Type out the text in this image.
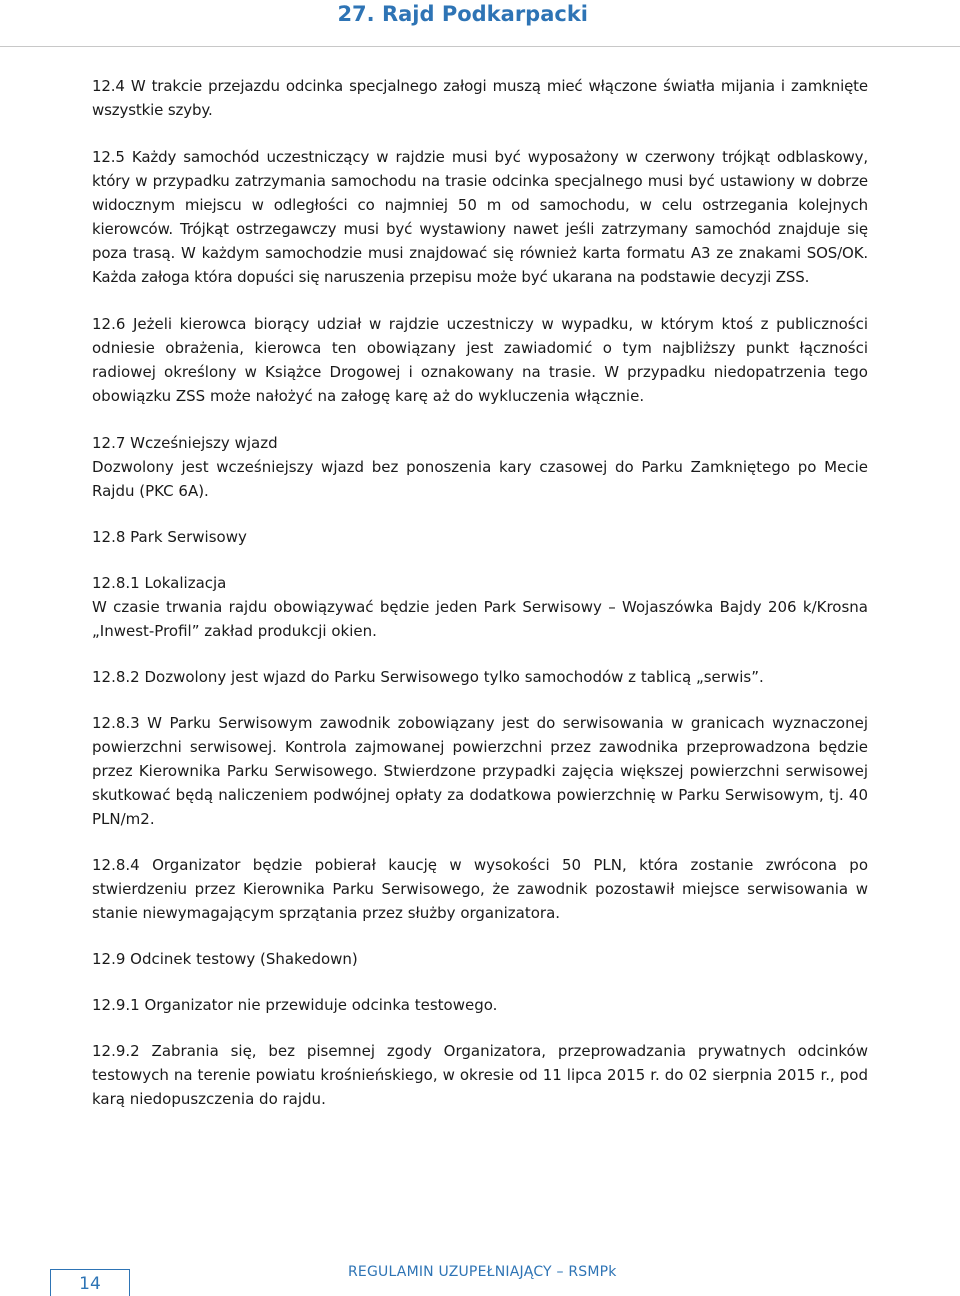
27. Rajd Podkarpacki

12.4 W trakcie przejazdu odcinka specjalnego załogi muszą mieć włączone światła mijania i zamknięte wszystkie szyby.

12.5 Każdy samochód uczestniczący w rajdzie musi być wyposażony w czerwony trójkąt odblaskowy, który w przypadku zatrzymania samochodu na trasie odcinka specjalnego musi być ustawiony w dobrze widocznym miejscu w odległości co najmniej 50 m od samochodu, w celu ostrzegania kolejnych kierowców. Trójkąt ostrzegawczy musi być wystawiony nawet jeśli zatrzymany samochód znajduje się poza trasą. W każdym samochodzie musi znajdować się również karta formatu A3 ze znakami SOS/OK. Każda załoga która dopuści się naruszenia przepisu może być ukarana na podstawie decyzji ZSS.

12.6 Jeżeli kierowca biorący udział w rajdzie uczestniczy w wypadku, w którym ktoś z publiczności odniesie obrażenia, kierowca ten obowiązany jest zawiadomić o tym najbliższy punkt łączności radiowej określony w Książce Drogowej i oznakowany na trasie. W przypadku niedopatrzenia tego obowiązku ZSS może nałożyć na załogę karę aż do wykluczenia włącznie.

12.7 Wcześniejszy wjazd

Dozwolony jest wcześniejszy wjazd bez ponoszenia kary czasowej do Parku Zamkniętego po Mecie Rajdu (PKC 6A).

12.8 Park Serwisowy

12.8.1 Lokalizacja

W czasie trwania rajdu obowiązywać będzie jeden Park Serwisowy – Wojaszówka Bajdy 206 k/Krosna „Inwest-Profil” zakład produkcji okien.

12.8.2 Dozwolony jest wjazd do Parku Serwisowego tylko samochodów z tablicą „serwis”.

12.8.3 W Parku Serwisowym zawodnik zobowiązany jest do serwisowania w granicach wyznaczonej powierzchni serwisowej. Kontrola zajmowanej powierzchni przez zawodnika przeprowadzona będzie przez Kierownika Parku Serwisowego. Stwierdzone przypadki zajęcia większej powierzchni serwisowej skutkować będą naliczeniem podwójnej opłaty za dodatkowa powierzchnię w Parku Serwisowym, tj. 40 PLN/m2.

12.8.4 Organizator będzie pobierał kaucję w wysokości 50 PLN, która zostanie zwrócona po stwierdzeniu przez Kierownika Parku Serwisowego, że zawodnik pozostawił miejsce serwisowania w stanie niewymagającym sprzątania przez służby organizatora.

12.9 Odcinek testowy (Shakedown)

12.9.1 Organizator nie przewiduje odcinka testowego.

12.9.2 Zabrania się, bez pisemnej zgody Organizatora, przeprowadzania prywatnych odcinków testowych na terenie powiatu krośnieńskiego, w okresie od 11 lipca 2015 r. do 02 sierpnia 2015 r., pod karą niedopuszczenia do rajdu.

14
REGULAMIN UZUPEŁNIAJĄCY – RSMPk
